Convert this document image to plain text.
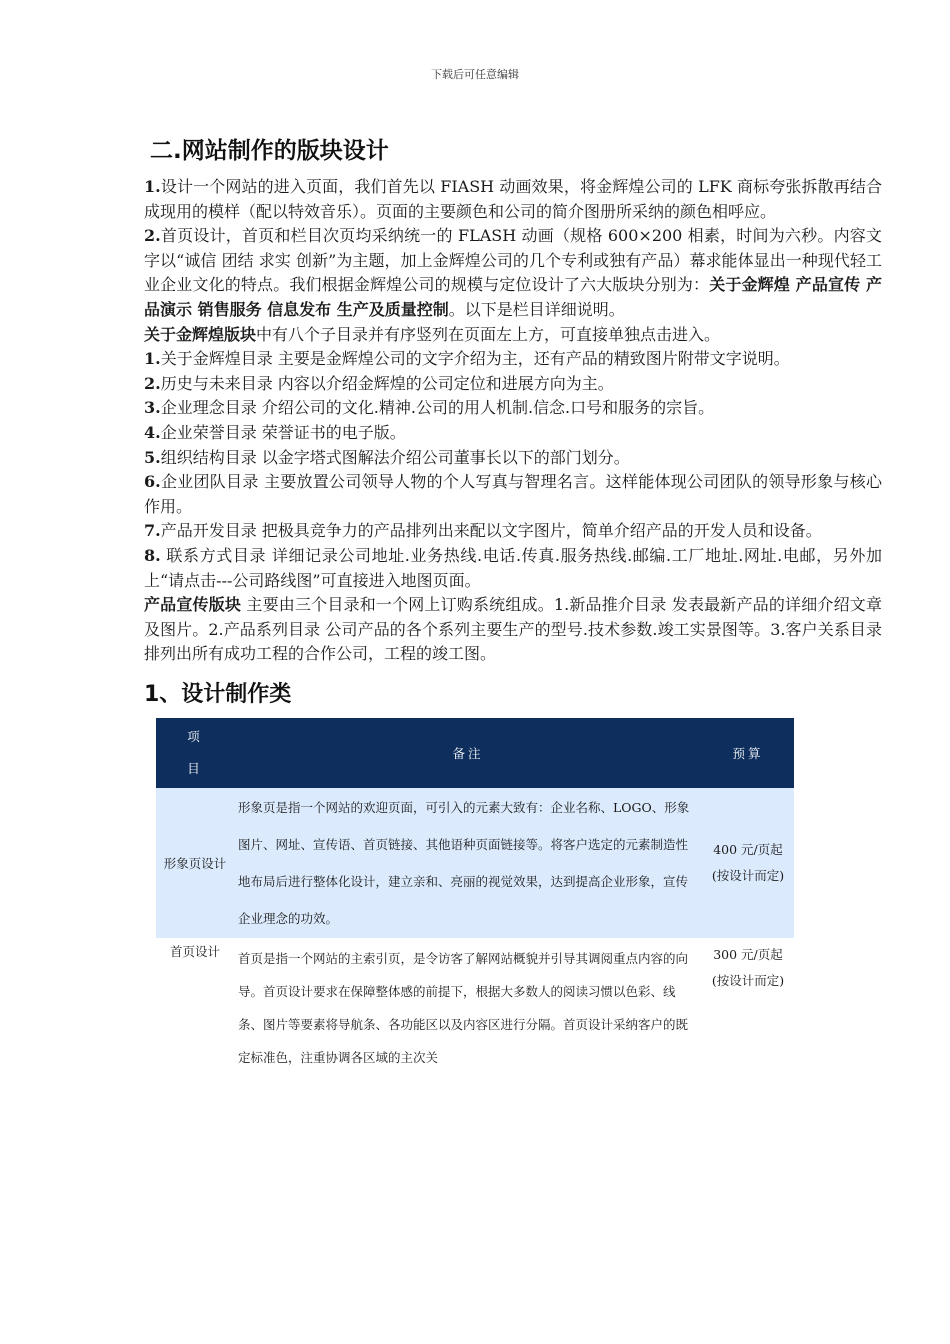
下载后可任意编辑
二.网站制作的版块设计

1.设计一个网站的进入页面，我们首先以 FIASH 动画效果，将金辉煌公司的 LFK 商标夸张拆散再结合成现用的模样（配以特效音乐）。页面的主要颜色和公司的简介图册所采纳的颜色相呼应。

2.首页设计，首页和栏目次页均采纳统一的 FLASH 动画（规格 600×200 相素，时间为六秒。内容文字以“诚信 团结 求实 创新”为主题，加上金辉煌公司的几个专利或独有产品）幕求能体显出一种现代轻工业企业文化的特点。我们根据金辉煌公司的规模与定位设计了六大版块分别为：关于金辉煌 产品宣传 产品演示 销售服务 信息发布 生产及质量控制。以下是栏目详细说明。

关于金辉煌版块中有八个子目录并有序竖列在页面左上方，可直接单独点击进入。

1.关于金辉煌目录 主要是金辉煌公司的文字介绍为主，还有产品的精致图片附带文字说明。

2.历史与未来目录 内容以介绍金辉煌的公司定位和进展方向为主。

3.企业理念目录 介绍公司的文化.精神.公司的用人机制.信念.口号和服务的宗旨。

4.企业荣誉目录 荣誉证书的电子版。

5.组织结构目录 以金字塔式图解法介绍公司董事长以下的部门划分。

6.企业团队目录 主要放置公司领导人物的个人写真与智理名言。这样能体现公司团队的领导形象与核心作用。

7.产品开发目录 把极具竞争力的产品排列出来配以文字图片，简单介绍产品的开发人员和设备。

8. 联系方式目录 详细记录公司地址.业务热线.电话.传真.服务热线.邮编.工厂地址.网址.电邮，另外加上“请点击---公司路线图”可直接进入地图页面。

产品宣传版块 主要由三个目录和一个网上订购系统组成。1.新品推介目录 发表最新产品的详细介绍文章及图片。2.产品系列目录 公司产品的各个系列主要生产的型号.技术参数.竣工实景图等。3.客户关系目录 排列出所有成功工程的合作公司，工程的竣工图。

1、设计制作类
项
目	备注	预算
形象页设计	形象页是指一个网站的欢迎页面，可引入的元素大致有：企业名称、LOGO、形象图片、网址、宣传语、首页链接、其他语种页面链接等。将客户选定的元素制造性地布局后进行整体化设计，建立亲和、亮丽的视觉效果，达到提高企业形象，宣传企业理念的功效。	400 元/页起
(按设计而定)
首页设计	首页是指一个网站的主索引页，是令访客了解网站概貌并引导其调阅重点内容的向导。首页设计要求在保障整体感的前提下，根据大多数人的阅读习惯以色彩、线条、图片等要素将导航条、各功能区以及内容区进行分隔。首页设计采纳客户的既定标准色，注重协调各区域的主次关	300 元/页起
(按设计而定)
